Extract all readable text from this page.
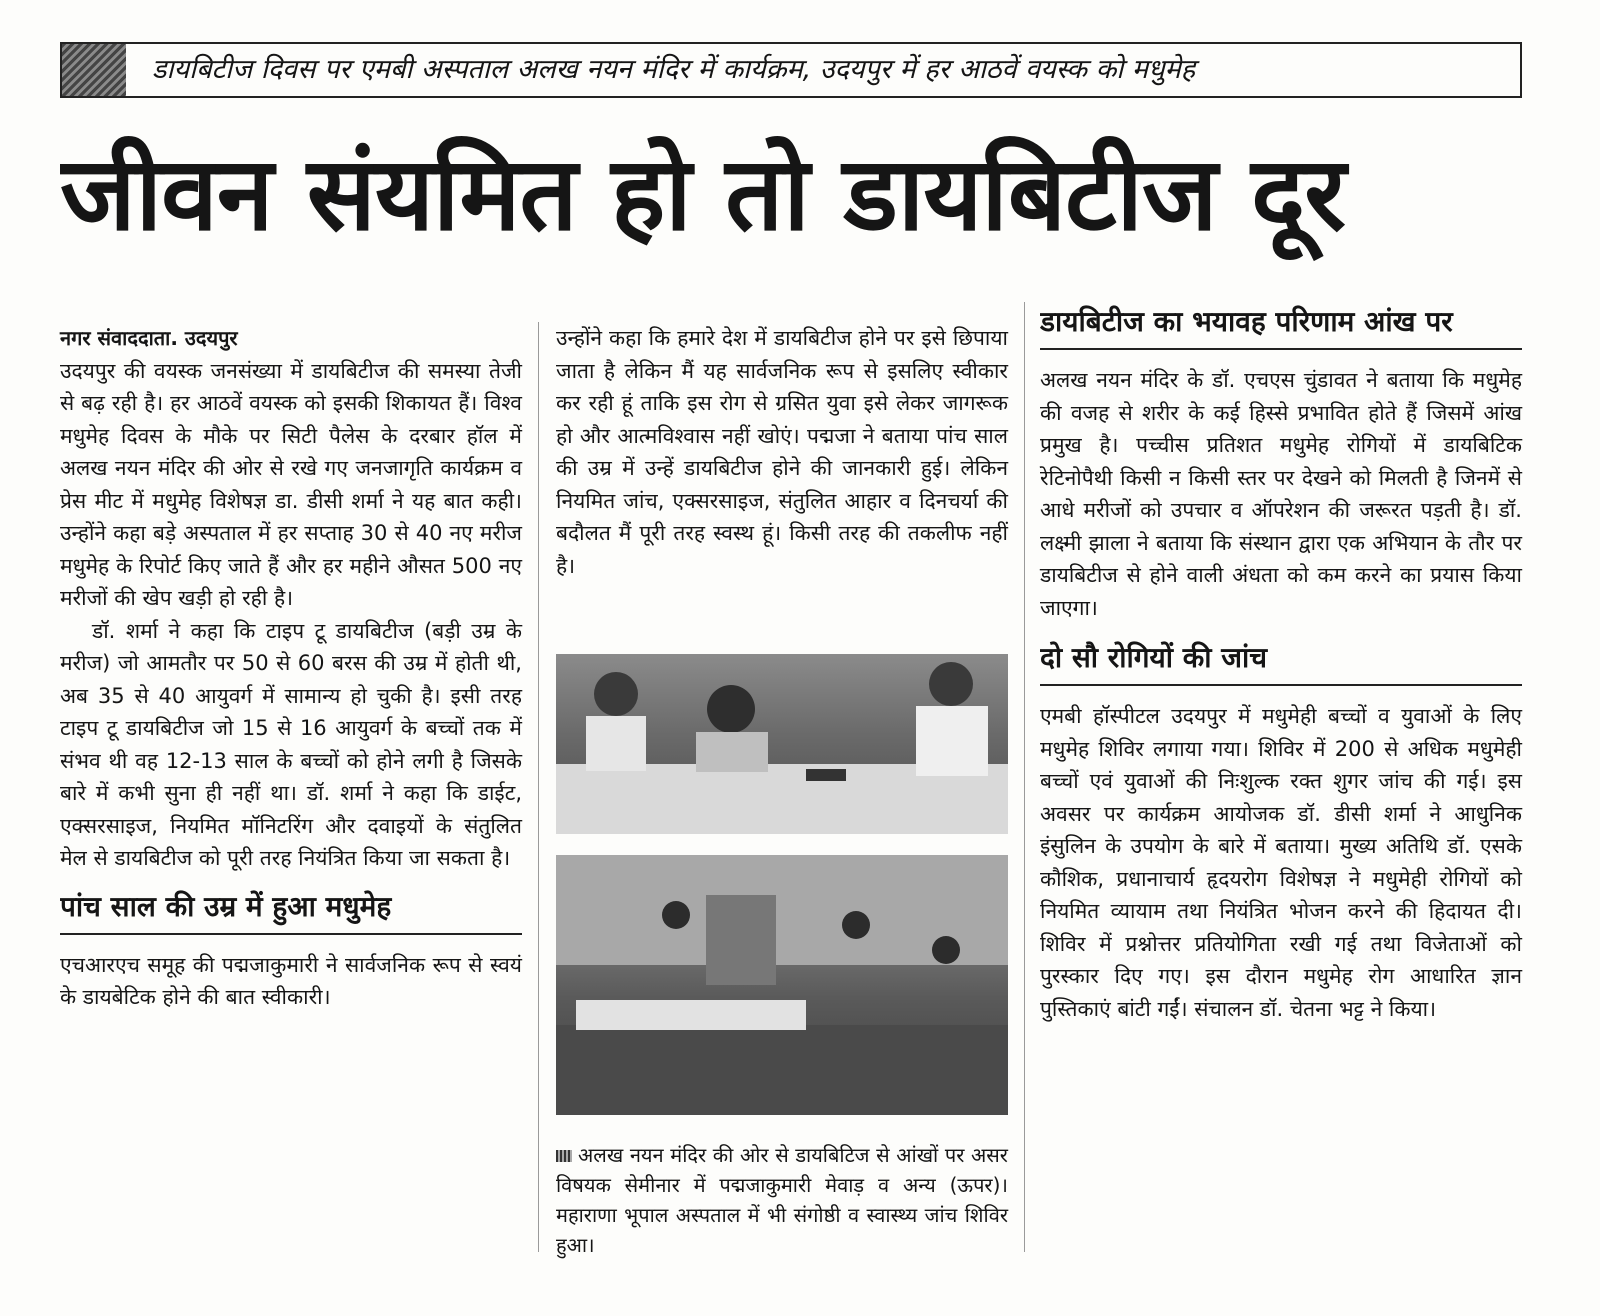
डायबिटीज दिवस पर एमबी अस्पताल अलख नयन मंदिर में कार्यक्रम, उदयपुर में हर आठवें वयस्क को मधुमेह
जीवन संयमित हो तो डायबिटीज दूर

नगर संवाददाता. उदयपुर

उदयपुर की वयस्क जनसंख्या में डायबिटीज की समस्या तेजी से बढ़ रही है। हर आठवें वयस्क को इसकी शिकायत हैं। विश्व मधुमेह दिवस के मौके पर सिटी पैलेस के दरबार हॉल में अलख नयन मंदिर की ओर से रखे गए जनजागृति कार्यक्रम व प्रेस मीट में मधुमेह विशेषज्ञ डा. डीसी शर्मा ने यह बात कही। उन्होंने कहा बड़े अस्पताल में हर सप्ताह 30 से 40 नए मरीज मधुमेह के रिपोर्ट किए जाते हैं और हर महीने औसत 500 नए मरीजों की खेप खड़ी हो रही है।

डॉ. शर्मा ने कहा कि टाइप टू डायबिटीज (बड़ी उम्र के मरीज) जो आमतौर पर 50 से 60 बरस की उम्र में होती थी, अब 35 से 40 आयुवर्ग में सामान्य हो चुकी है। इसी तरह टाइप टू डायबिटीज जो 15 से 16 आयुवर्ग के बच्चों तक में संभव थी वह 12-13 साल के बच्चों को होने लगी है जिसके बारे में कभी सुना ही नहीं था। डॉ. शर्मा ने कहा कि डाईट, एक्सरसाइज, नियमित मॉनिटरिंग और दवाइयों के संतुलित मेल से डायबिटीज को पूरी तरह नियंत्रित किया जा सकता है।

पांच साल की उम्र में हुआ मधुमेह

एचआरएच समूह की पद्मजाकुमारी ने सार्वजनिक रूप से स्वयं के डायबेटिक होने की बात स्वीकारी।

उन्होंने कहा कि हमारे देश में डायबिटीज होने पर इसे छिपाया जाता है लेकिन मैं यह सार्वजनिक रूप से इसलिए स्वीकार कर रही हूं ताकि इस रोग से ग्रसित युवा इसे लेकर जागरूक हो और आत्मविश्वास नहीं खोएं। पद्मजा ने बताया पांच साल की उम्र में उन्हें डायबिटीज होने की जानकारी हुई। लेकिन नियमित जांच, एक्सरसाइज, संतुलित आहार व दिनचर्या की बदौलत मैं पूरी तरह स्वस्थ हूं। किसी तरह की तकलीफ नहीं है।

अलख नयन मंदिर की ओर से डायबिटिज से आंखों पर असर विषयक सेमीनार में पद्मजाकुमारी मेवाड़ व अन्य (ऊपर)। महाराणा भूपाल अस्पताल में भी संगोष्ठी व स्वास्थ्य जांच शिविर हुआ।
डायबिटीज का भयावह परिणाम आंख पर

अलख नयन मंदिर के डॉ. एचएस चुंडावत ने बताया कि मधुमेह की वजह से शरीर के कई हिस्से प्रभावित होते हैं जिसमें आंख प्रमुख है। पच्चीस प्रतिशत मधुमेह रोगियों में डायबिटिक रेटिनोपैथी किसी न किसी स्तर पर देखने को मिलती है जिनमें से आधे मरीजों को उपचार व ऑपरेशन की जरूरत पड़ती है। डॉ. लक्ष्मी झाला ने बताया कि संस्थान द्वारा एक अभियान के तौर पर डायबिटीज से होने वाली अंधता को कम करने का प्रयास किया जाएगा।

दो सौ रोगियों की जांच

एमबी हॉस्पीटल उदयपुर में मधुमेही बच्चों व युवाओं के लिए मधुमेह शिविर लगाया गया। शिविर में 200 से अधिक मधुमेही बच्चों एवं युवाओं की निःशुल्क रक्त शुगर जांच की गई। इस अवसर पर कार्यक्रम आयोजक डॉ. डीसी शर्मा ने आधुनिक इंसुलिन के उपयोग के बारे में बताया। मुख्य अतिथि डॉ. एसके कौशिक, प्रधानाचार्य हृदयरोग विशेषज्ञ ने मधुमेही रोगियों को नियमित व्यायाम तथा नियंत्रित भोजन करने की हिदायत दी। शिविर में प्रश्नोत्तर प्रतियोगिता रखी गई तथा विजेताओं को पुरस्कार दिए गए। इस दौरान मधुमेह रोग आधारित ज्ञान पुस्तिकाएं बांटी गईं। संचालन डॉ. चेतना भट्ट ने किया।
